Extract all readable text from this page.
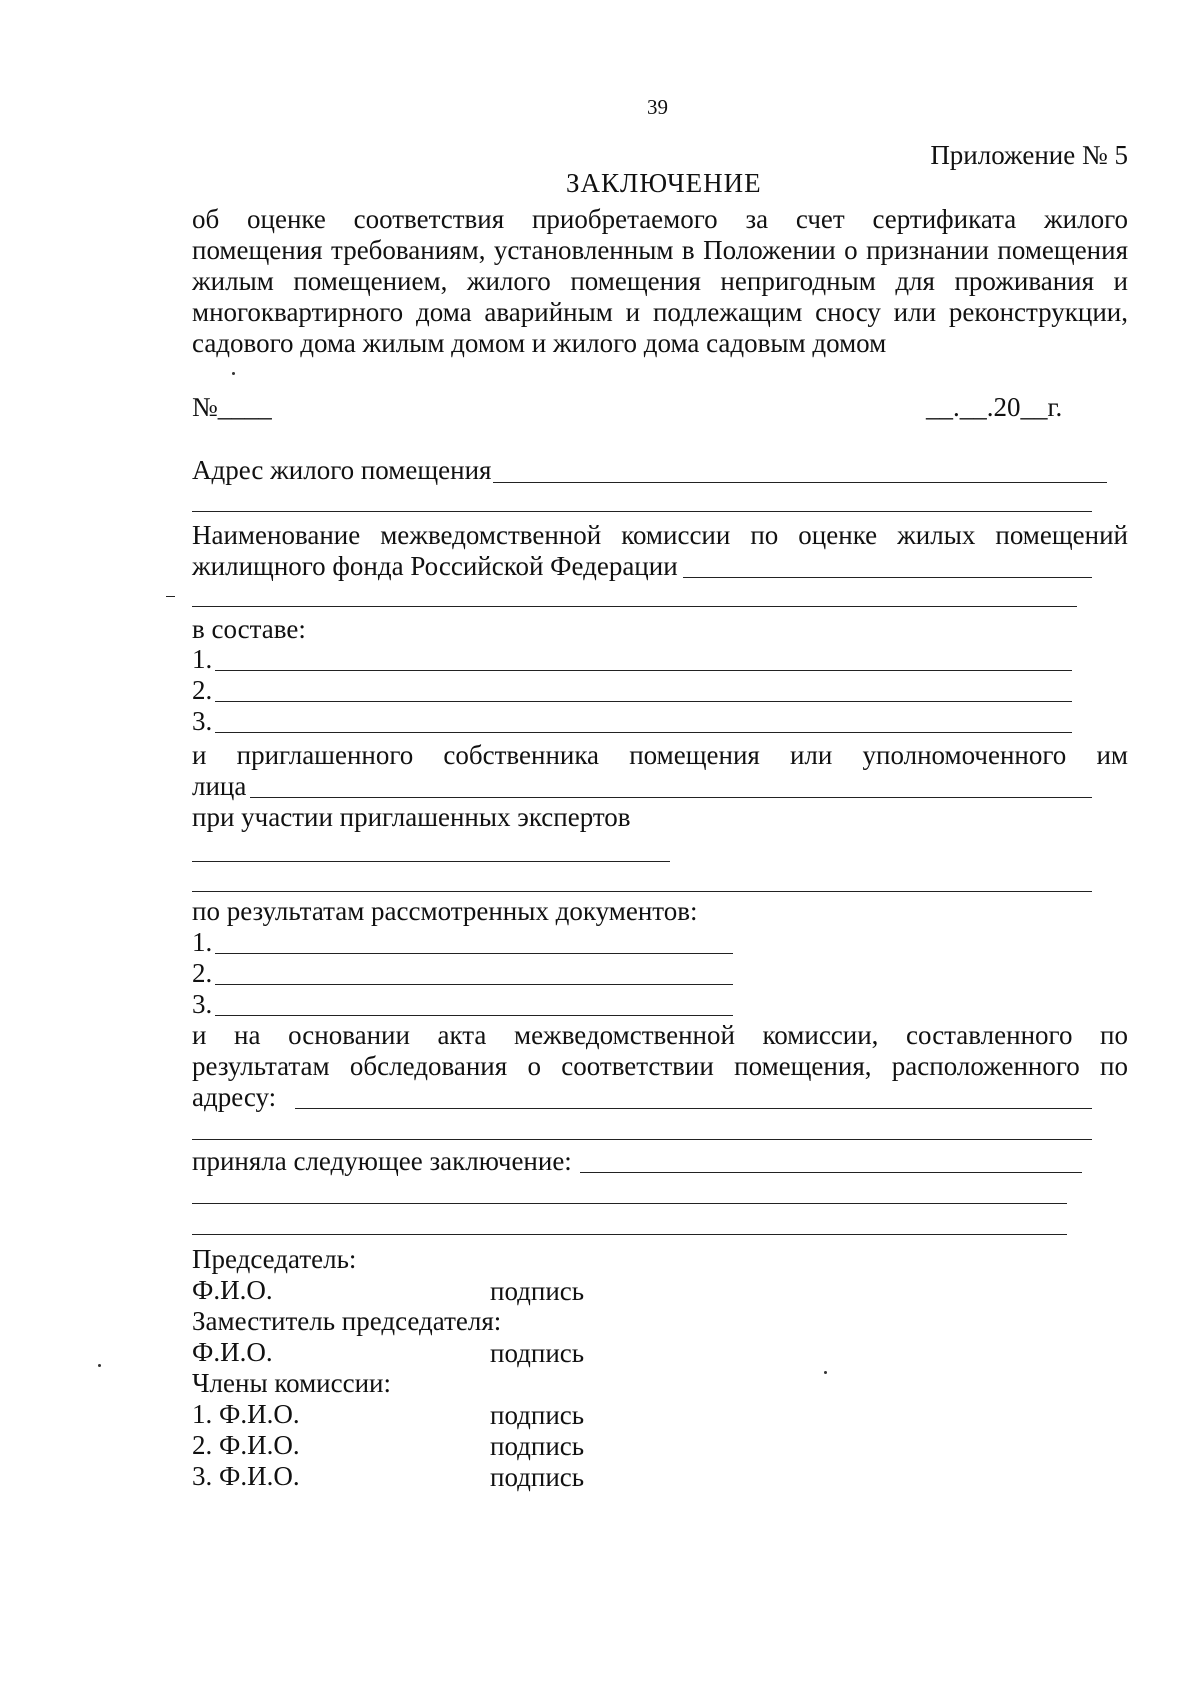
39
Приложение № 5
ЗАКЛЮЧЕНИЕ
об оценке соответствия приобретаемого за счет сертификата жилого
помещения требованиям, установленным в Положении о признании помещения
жилым помещением, жилого помещения непригодным для проживания и
многоквартирного дома аварийным и подлежащим сносу или реконструкции,
садового дома жилым домом и жилого дома садовым домом
№____	__.__.20__г.
Адрес жилого помещения
Наименование межведомственной комиссии по оценке жилых помещений
жилищного фонда Российской Федерации
в составе:
1.
2.
3.
и приглашенного собственника помещения или уполномоченного им
лица
при участии приглашенных экспертов
по результатам рассмотренных документов:
1.
2.
3.
и на основании акта межведомственной комиссии, составленного по
результатам обследования о соответствии помещения, расположенного по
адресу:
приняла следующее заключение:
Председатель:
Ф.И.О.	подпись
Заместитель председателя:
Ф.И.О.	подпись
Члены комиссии:
1. Ф.И.О.	подпись
2. Ф.И.О.	подпись
3. Ф.И.О.	подпись
